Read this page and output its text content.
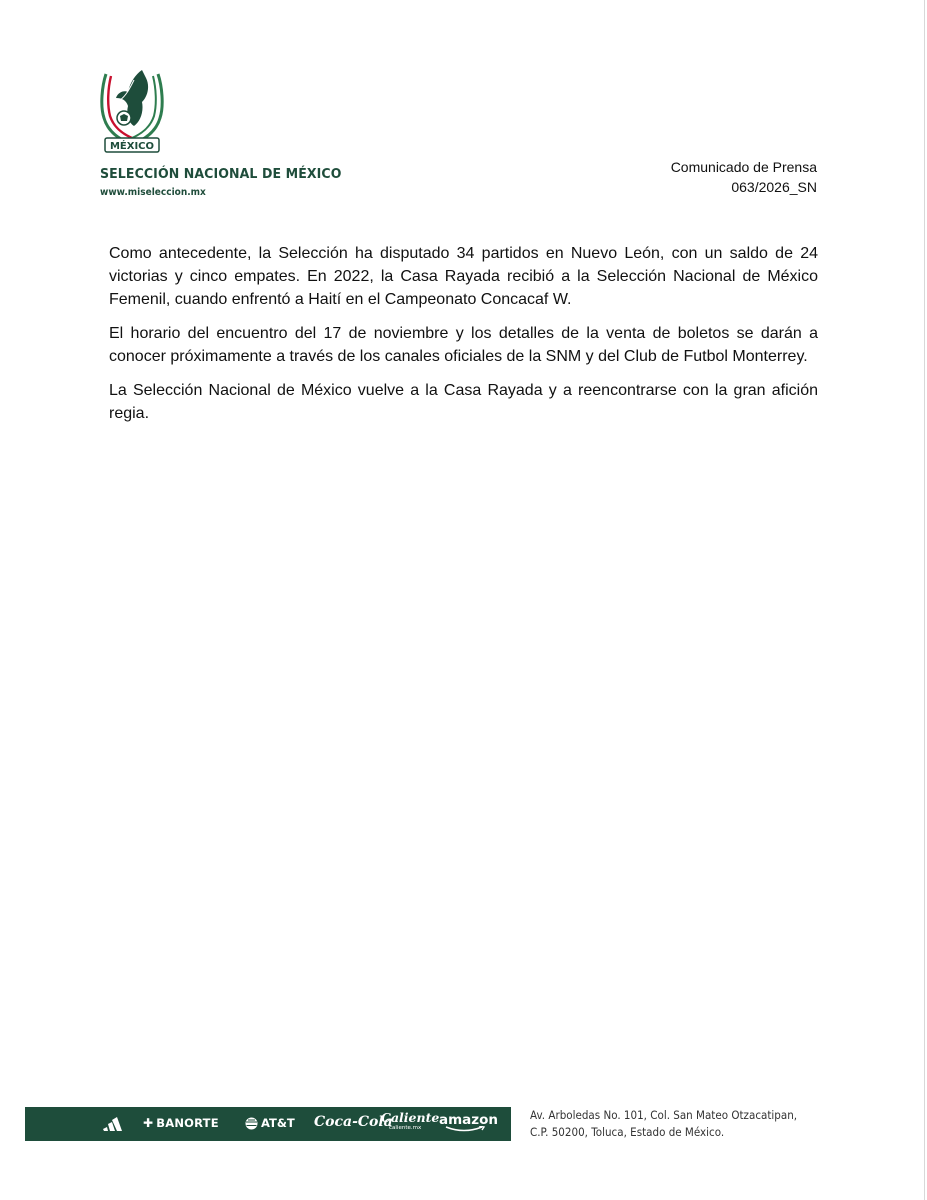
MÉXICO
SELECCIÓN NACIONAL DE MÉXICO
www.miseleccion.mx
Comunicado de Prensa
063/2026_SN

Como antecedente, la Selección ha disputado 34 partidos en Nuevo León, con un saldo de 24 victorias y cinco empates. En 2022, la Casa Rayada recibió a la Selección Nacional de México Femenil, cuando enfrentó a Haití en el Campeonato Concacaf W.

El horario del encuentro del 17 de noviembre y los detalles de la venta de boletos se darán a conocer próximamente a través de los canales oficiales de la SNM y del Club de Futbol Monterrey.

La Selección Nacional de México vuelve a la Casa Rayada y a reencontrarse con la gran afición regia.

✚ BANORTE	AT&T Coca-Cola
Caliente
caliente.mx amazon	Av. Arboledas No. 101, Col. San Mateo Otzacatipan,
C.P. 50200, Toluca, Estado de México.
